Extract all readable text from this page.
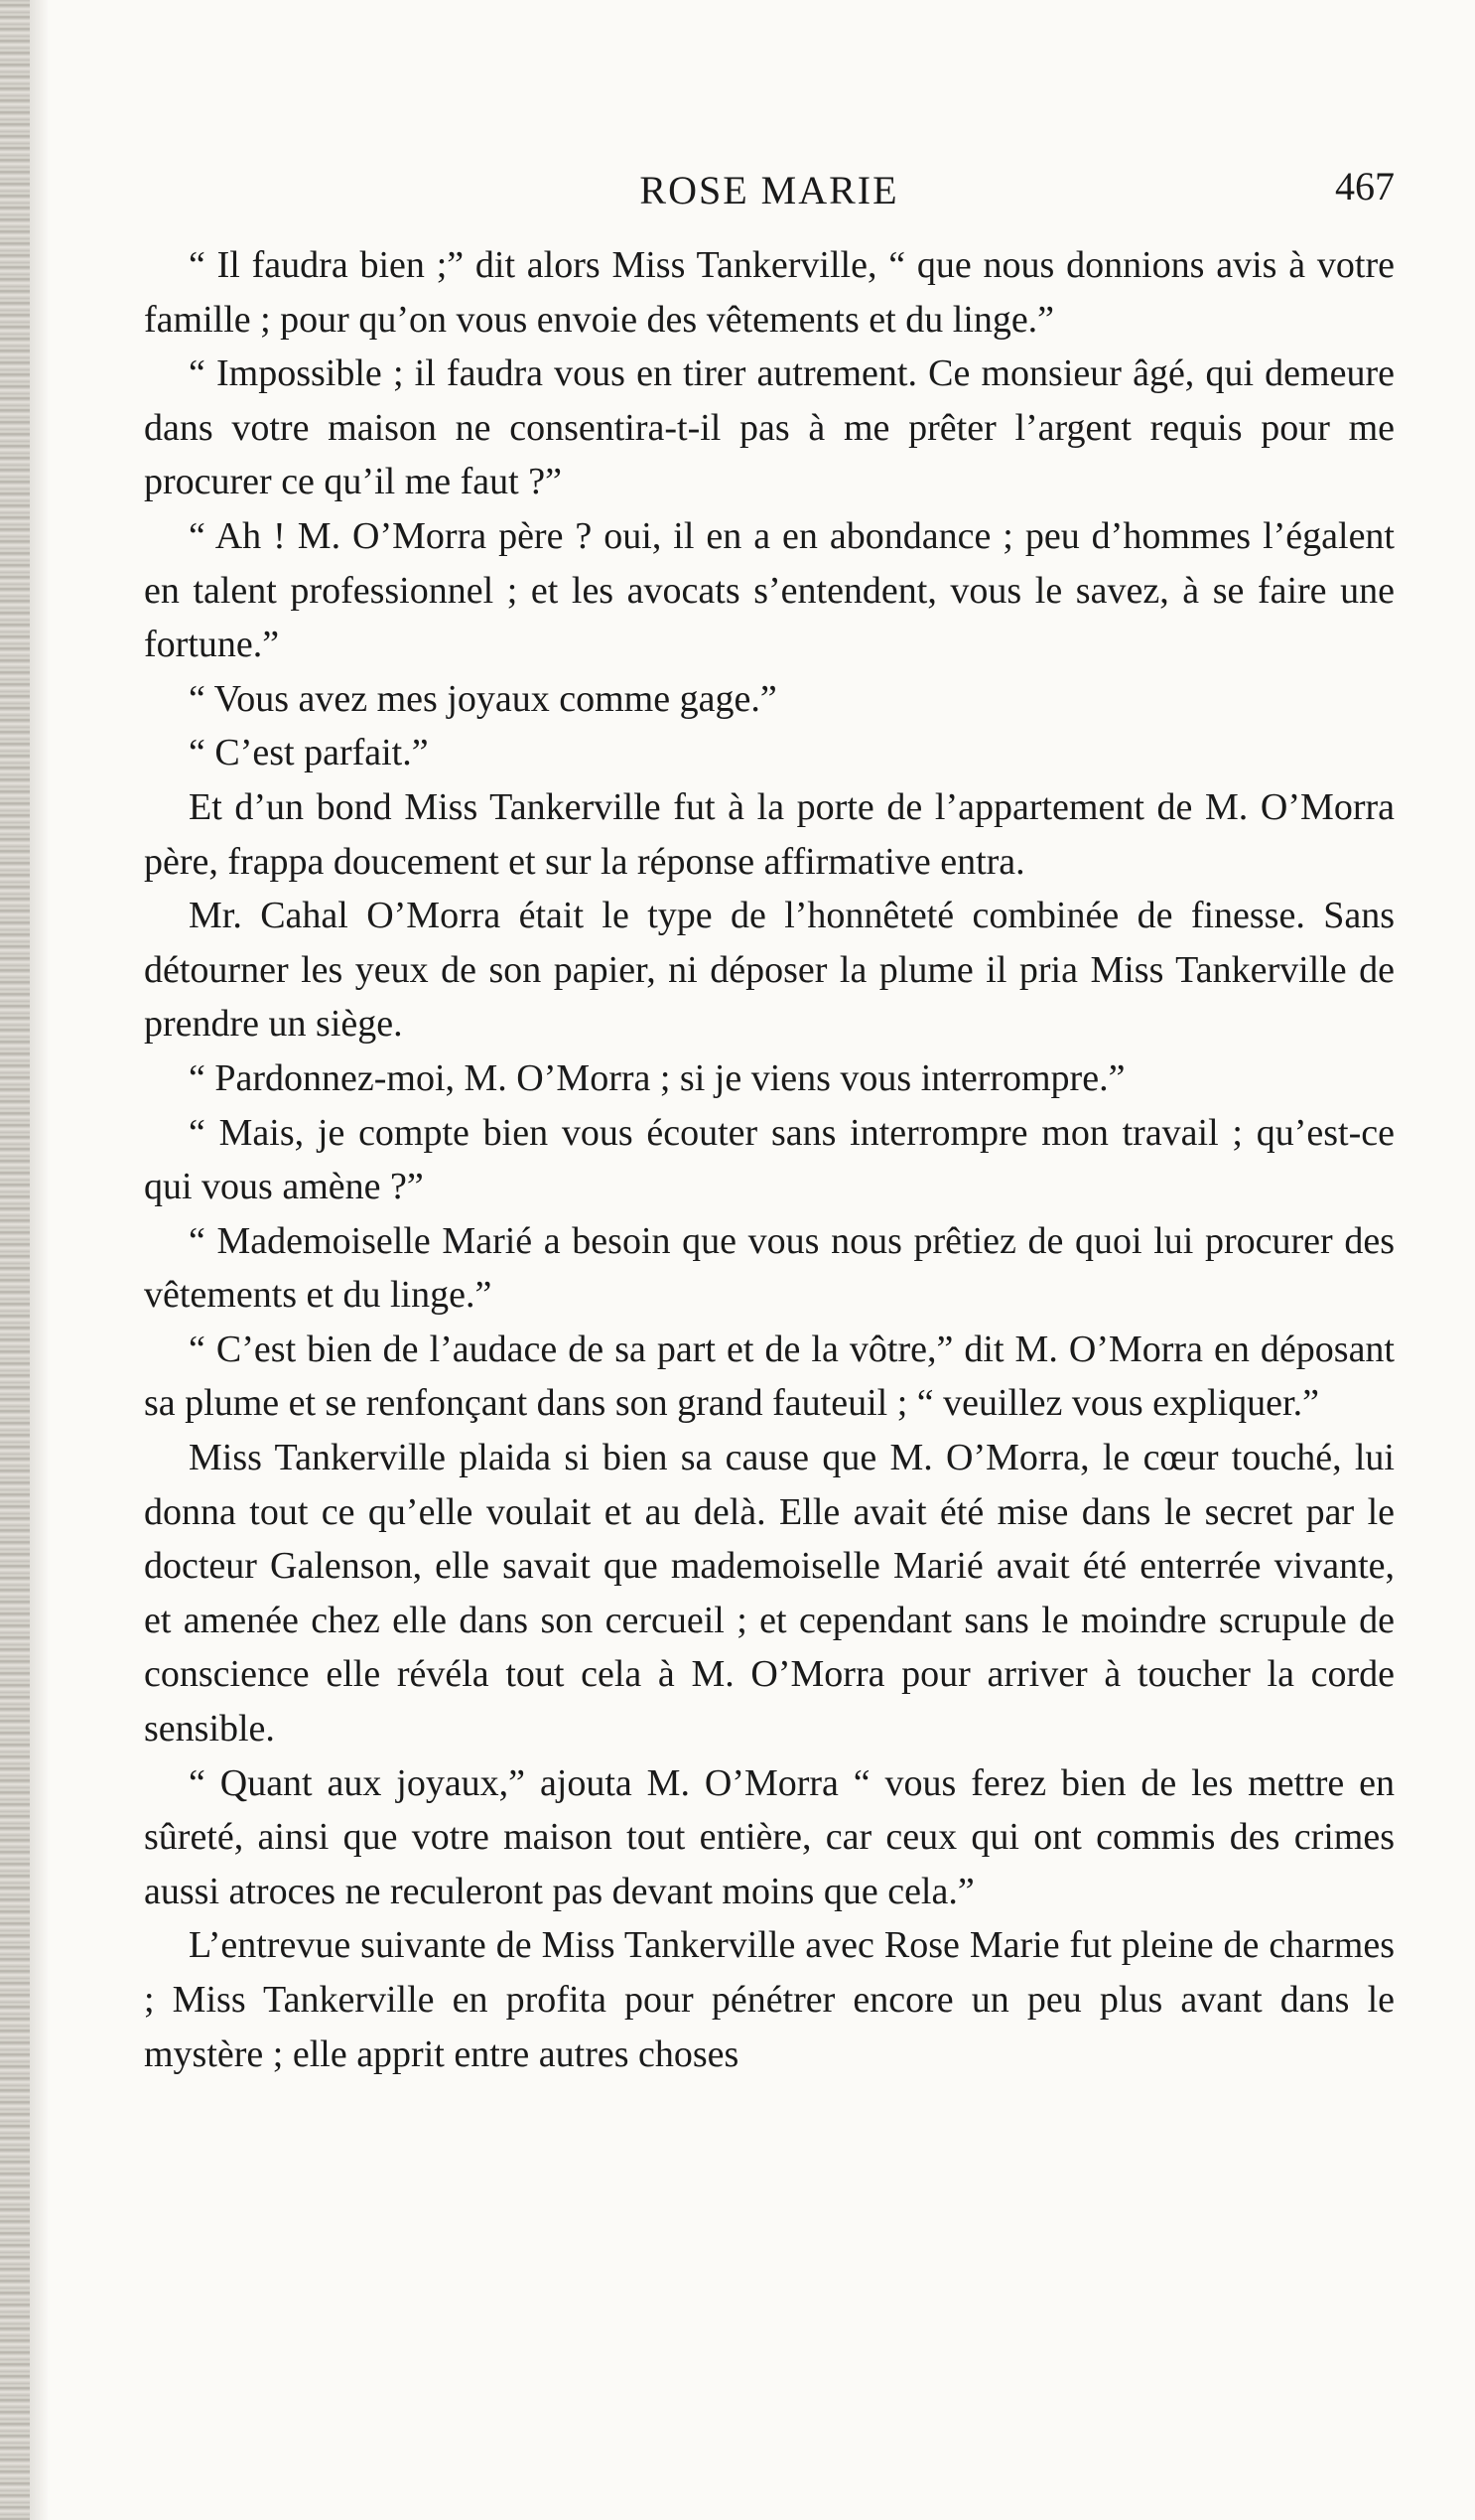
ROSE MARIE	467

“ Il faudra bien ;” dit alors Miss Tankerville, “ que nous donnions avis à votre famille ; pour qu’on vous envoie des vêtements et du linge.”

“ Impossible ; il faudra vous en tirer autrement. Ce monsieur âgé, qui demeure dans votre maison ne consentira-t-il pas à me prêter l’argent requis pour me procurer ce qu’il me faut ?”

“ Ah ! M. O’Morra père ? oui, il en a en abondance ; peu d’hommes l’égalent en talent professionnel ; et les avocats s’entendent, vous le savez, à se faire une fortune.”

“ Vous avez mes joyaux comme gage.”

“ C’est parfait.”

Et d’un bond Miss Tankerville fut à la porte de l’appartement de M. O’Morra père, frappa doucement et sur la réponse affirmative entra.

Mr. Cahal O’Morra était le type de l’honnêteté combinée de finesse. Sans détourner les yeux de son papier, ni déposer la plume il pria Miss Tankerville de prendre un siège.

“ Pardonnez-moi, M. O’Morra ; si je viens vous interrompre.”

“ Mais, je compte bien vous écouter sans interrompre mon travail ; qu’est-ce qui vous amène ?”

“ Mademoiselle Marié a besoin que vous nous prêtiez de quoi lui procurer des vêtements et du linge.”

“ C’est bien de l’audace de sa part et de la vôtre,” dit M. O’Morra en déposant sa plume et se renfonçant dans son grand fauteuil ; “ veuillez vous expliquer.”

Miss Tankerville plaida si bien sa cause que M. O’Morra, le cœur touché, lui donna tout ce qu’elle voulait et au delà. Elle avait été mise dans le secret par le docteur Galenson, elle savait que mademoiselle Marié avait été enterrée vivante, et amenée chez elle dans son cercueil ; et cependant sans le moindre scrupule de conscience elle révéla tout cela à M. O’Morra pour arriver à toucher la corde sensible.

“ Quant aux joyaux,” ajouta M. O’Morra “ vous ferez bien de les mettre en sûreté, ainsi que votre maison tout entière, car ceux qui ont commis des crimes aussi atroces ne reculeront pas devant moins que cela.”

L’entrevue suivante de Miss Tankerville avec Rose Marie fut pleine de charmes ; Miss Tankerville en profita pour pénétrer encore un peu plus avant dans le mystère ; elle apprit entre autres choses
